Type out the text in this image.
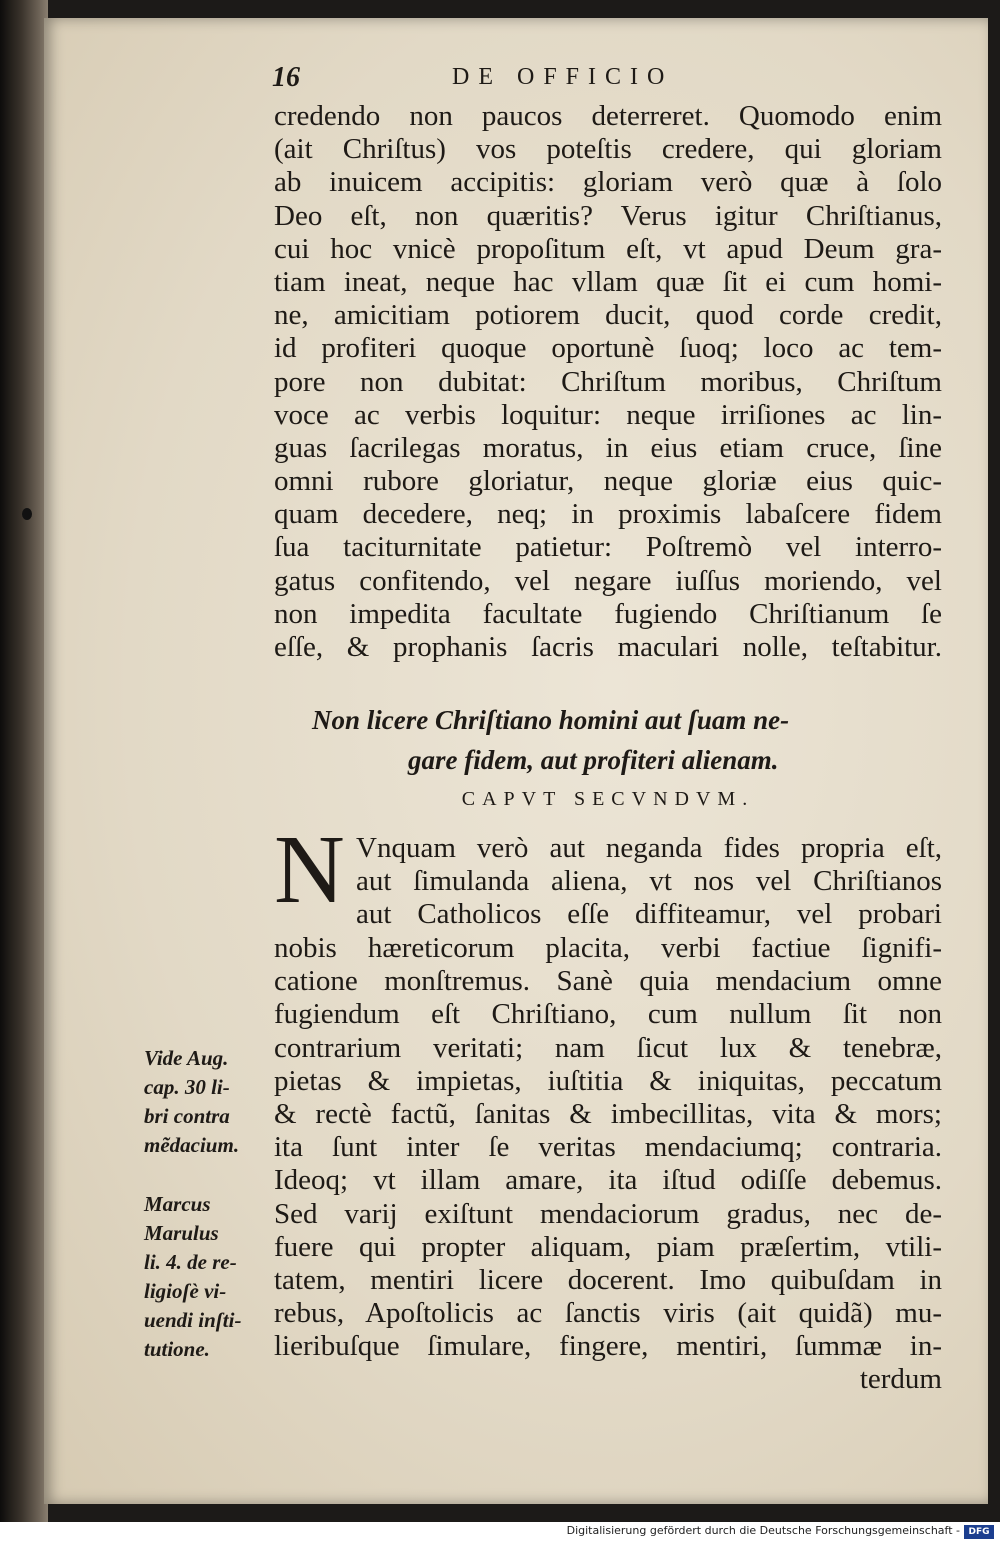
16	DE OFFICIO
credendo non paucos deterreret. Quomodo enim
(ait Chriſtus) vos poteſtis credere, qui gloriam
ab inuicem accipitis: gloriam verò quæ à ſolo
Deo eſt, non quæritis? Verus igitur Chriſtianus,
cui hoc vnicè propoſitum eſt, vt apud Deum gra-
tiam ineat, neque hac vllam quæ ſit ei cum homi-
ne, amicitiam potiorem ducit, quod corde credit,
id profiteri quoque oportunè ſuoq; loco ac tem-
pore non dubitat: Chriſtum moribus, Chriſtum
voce ac verbis loquitur: neque irriſiones ac lin-
guas ſacrilegas moratus, in eius etiam cruce, ſine
omni rubore gloriatur, neque gloriæ eius quic-
quam decedere, neq; in proximis labaſcere fidem
ſua taciturnitate patietur: Poſtremò vel interro-
gatus confitendo, vel negare iuſſus moriendo, vel
non impedita facultate fugiendo Chriſtianum ſe
eſſe, & prophanis ſacris maculari nolle, teſtabitur.
Non licere Chriſtiano homini aut ſuam ne-
gare fidem, aut profiteri alienam.
CAPVT SECVNDVM.
N Vnquam verò aut neganda fides propria eſt,
aut ſimulanda aliena, vt nos vel Chriſtianos
aut Catholicos eſſe diffiteamur, vel probari
nobis hæreticorum placita, verbi factiue ſignifi-
catione monſtremus. Sanè quia mendacium omne
fugiendum eſt Chriſtiano, cum nullum ſit non
contrarium veritati; nam ſicut lux & tenebræ,
pietas & impietas, iuſtitia & iniquitas, peccatum
& rectè factũ, ſanitas & imbecillitas, vita & mors;
ita ſunt inter ſe veritas mendaciumq; contraria.
Ideoq; vt illam amare, ita iſtud odiſſe debemus.
Sed varij exiſtunt mendaciorum gradus, nec de-
fuere qui propter aliquam, piam præſertim, vtili-
tatem, mentiri licere docerent. Imo quibuſdam in
rebus, Apoſtolicis ac ſanctis viris (ait quidã) mu-
lieribuſque ſimulare, fingere, mentiri, ſummæ in-
terdum
Vide Aug.
cap. 30 li-
bri contra
mẽdacium.
Marcus
Marulus
li. 4. de re-
ligioſè vi-
uendi inſti-
tutione.
Digitalisierung gefördert durch die Deutsche Forschungsgemeinschaft - DFG
